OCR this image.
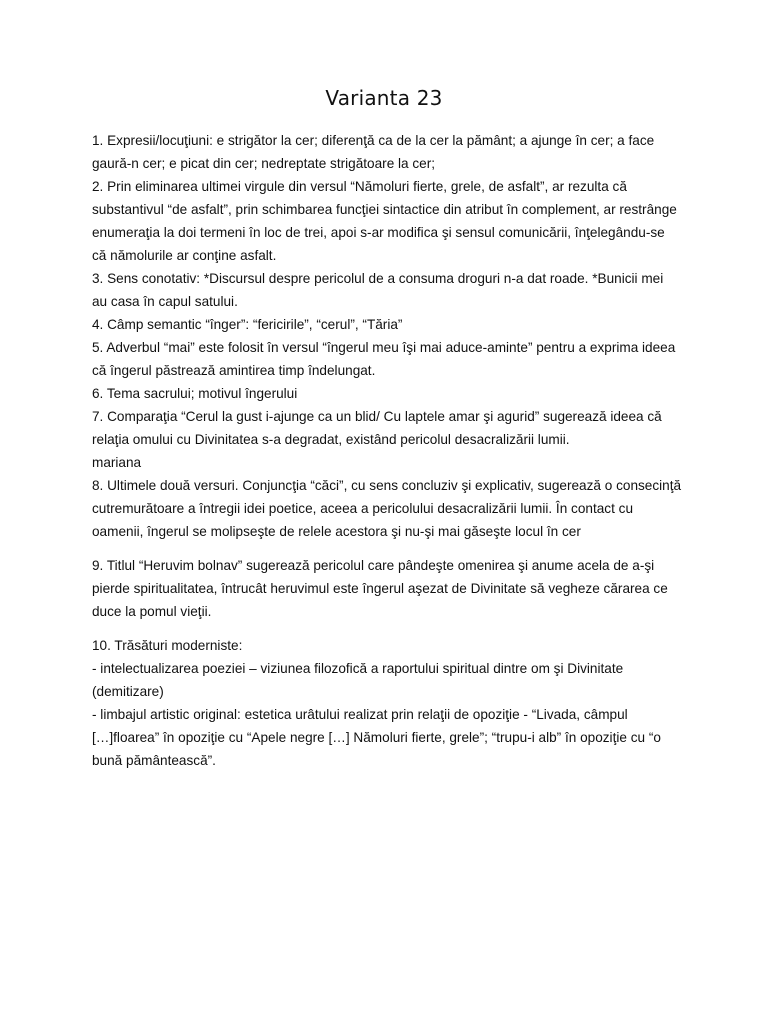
Varianta 23

1. Expresii/locuţiuni: e strigător la cer; diferenţă ca de la cer la pământ; a ajunge în cer; a face gaură-n cer; e picat din cer; nedreptate strigătoare la cer;

2. Prin eliminarea ultimei virgule din versul “Nămoluri fierte, grele, de asfalt”, ar rezulta că substantivul “de asfalt”, prin schimbarea funcţiei sintactice din atribut în complement, ar restrânge enumeraţia la doi termeni în loc de trei, apoi s-ar modifica şi sensul comunicării, înţelegându-se că nămolurile ar conţine asfalt.

3. Sens conotativ: *Discursul despre pericolul de a consuma droguri n-a dat roade. *Bunicii mei au casa în capul satului.

4. Câmp semantic “înger”: “fericirile”, “cerul”, “Tăria”

5. Adverbul “mai” este folosit în versul “îngerul meu îşi mai aduce-aminte” pentru a exprima ideea că îngerul păstrează amintirea timp îndelungat.

6. Tema sacrului; motivul îngerului

7. Comparaţia “Cerul la gust i-ajunge ca un blid/ Cu laptele amar şi agurid” sugerează ideea că relaţia omului cu Divinitatea s-a degradat, existând pericolul desacralizării lumii.

mariana

8. Ultimele două versuri. Conjuncţia “căci”, cu sens concluziv şi explicativ, sugerează o consecinţă cutremurătoare a întregii idei poetice, aceea a pericolului desacralizării lumii. În contact cu oamenii, îngerul se molipseşte de relele acestora şi nu-şi mai găseşte locul în cer

9. Titlul “Heruvim bolnav” sugerează pericolul care pândeşte omenirea şi anume acela de a-şi pierde spiritualitatea, întrucât heruvimul este îngerul aşezat de Divinitate să vegheze cărarea ce duce la pomul vieţii.

10. Trăsături moderniste:

- intelectualizarea poeziei – viziunea filozofică a raportului spiritual dintre om şi Divinitate (demitizare)

- limbajul artistic original: estetica urâtului realizat prin relaţii de opoziţie - “Livada, câmpul […]floarea” în opoziţie cu “Apele negre […] Nămoluri fierte, grele”; “trupu-i alb” în opoziţie cu “o bună pământească”.
